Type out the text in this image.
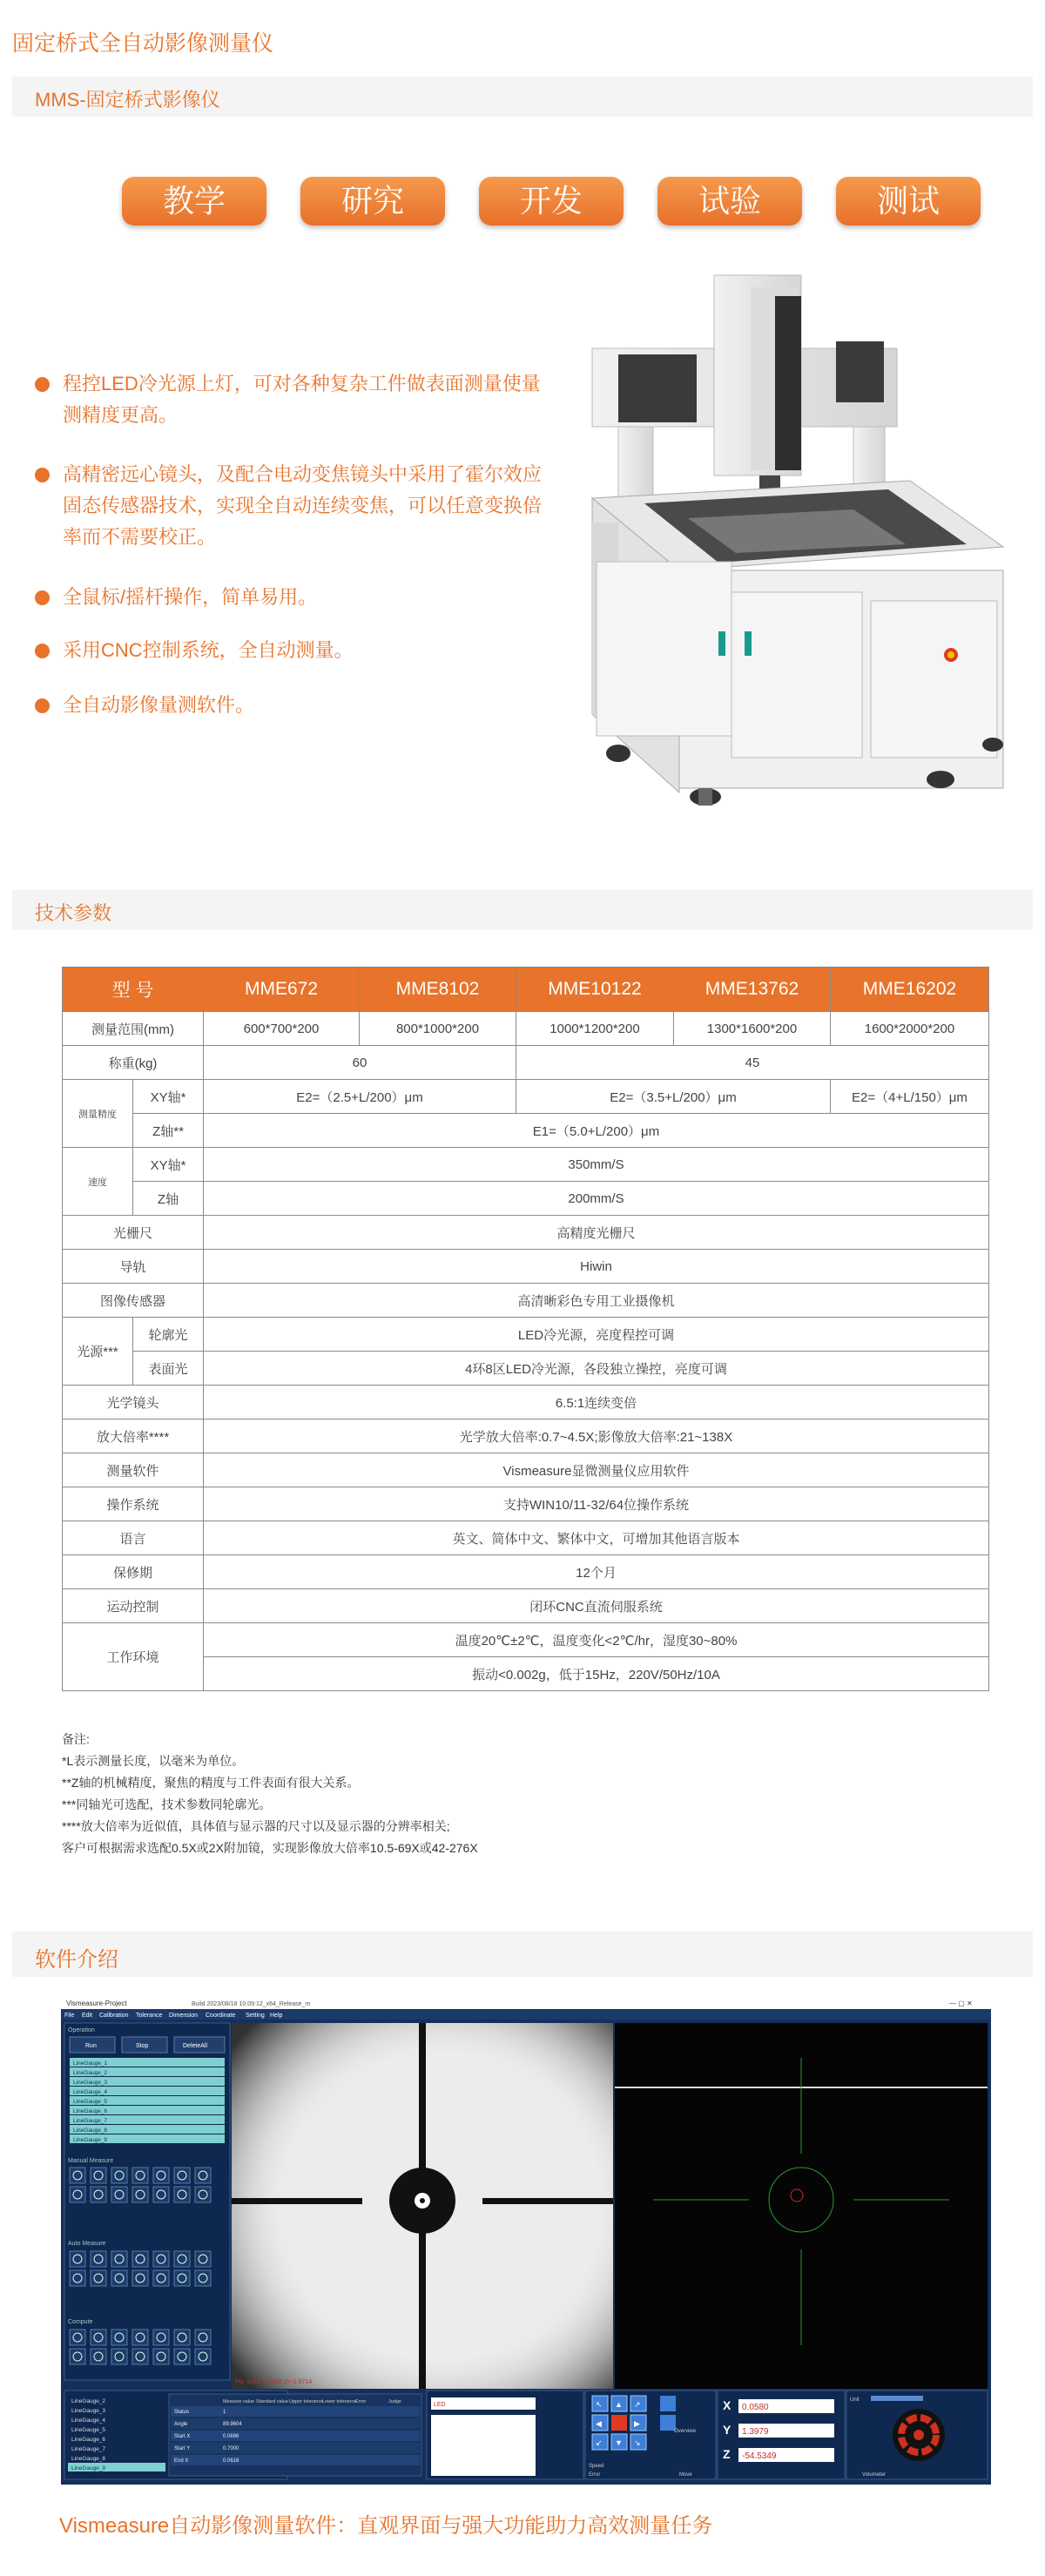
固定桥式全自动影像测量仪
MMS-固定桥式影像仪
教学	研究	开发	试验	测试
程控LED冷光源上灯，可对各种复杂工件做表面测量使量测精度更高。
高精密远心镜头，及配合电动变焦镜头中采用了霍尔效应固态传感器技术，实现全自动连续变焦，可以任意变换倍率而不需要校正。
全鼠标/摇杆操作，简单易用。
采用CNC控制系统，全自动测量。
全自动影像量测软件。
技术参数
型 号		MME672	MME8102	MME10122	MME13762	MME16202
测量范围(mm)		600*700*200	800*1000*200	1000*1200*200	1300*1600*200	1600*2000*200
称重(kg)		60		45		
测量精度	XY轴*	E2=（2.5+L/200）μm		E2=（3.5+L/200）μm		E2=（4+L/150）μm
	Z轴**	E1=（5.0+L/200）μm				
速度	XY轴*	350mm/S				
	Z轴	200mm/S				
光栅尺		高精度光栅尺				
导轨		Hiwin				
图像传感器		高清晰彩色专用工业摄像机				
光源***	轮廓光	LED冷光源，亮度程控可调				
	表面光	4环8区LED冷光源，各段独立操控，亮度可调				
光学镜头		6.5:1连续变倍				
放大倍率****		光学放大倍率:0.7~4.5X;影像放大倍率:21~138X				
测量软件		Vismeasure显微测量仪应用软件				
操作系统		支持WIN10/11-32/64位操作系统				
语言		英文、简体中文、繁体中文，可增加其他语言版本				
保修期		12个月				
运动控制		闭环CNC直流伺服系统				
工作环境		温度20℃±2℃，温度变化<2℃/hr，湿度30~80%				
		振动<0.002g，低于15Hz，220V/50Hz/10A				
备注:
*L表示测量长度，以毫米为单位。
**Z轴的机械精度，聚焦的精度与工件表面有很大关系。
***同轴光可选配，技术参数同轮廓光。
****放大倍率为近似值，具体值与显示器的尺寸以及显示器的分辨率相关;
客户可根据需求选配0.5X或2X附加镜，实现影像放大倍率10.5-69X或42-276X
软件介绍
Vismeasure-Project	Build 2023/08/18 10:09:12_x64_Release_m	— ▢ ✕
File Edit Calibration Tolerance Dimension Coordinate Setting Help
Operation
Run	Stop	DeleteAll
LineGauge_1
LineGauge_2
LineGauge_3
LineGauge_4
LineGauge_5
LineGauge_6
LineGauge_7
LineGauge_8
LineGauge_9
Manual Measure
Auto Measure
Compute
Pix: 8x12, 0.0045 Z=-1.8714
LineGauge_2
LineGauge_3
LineGauge_4
LineGauge_5
LineGauge_6
LineGauge_7
LineGauge_8
LineGauge_9
Measure value Standard value Upper tolerance
Lower tolerance
Error	Judge
Status	1
Angle	89.9604
Start X	0.0696
Start Y	0.7000
End X	0.0618
LED	↖ ▲ ↗
◀	▶
↙ ▼ ↘
Speed
Error
Overview
Move
X 0.0580
Y 1.3979
Z -54.5349
Unit
Volumeter
Vismeasure自动影像测量软件：直观界面与强大功能助力高效测量任务
